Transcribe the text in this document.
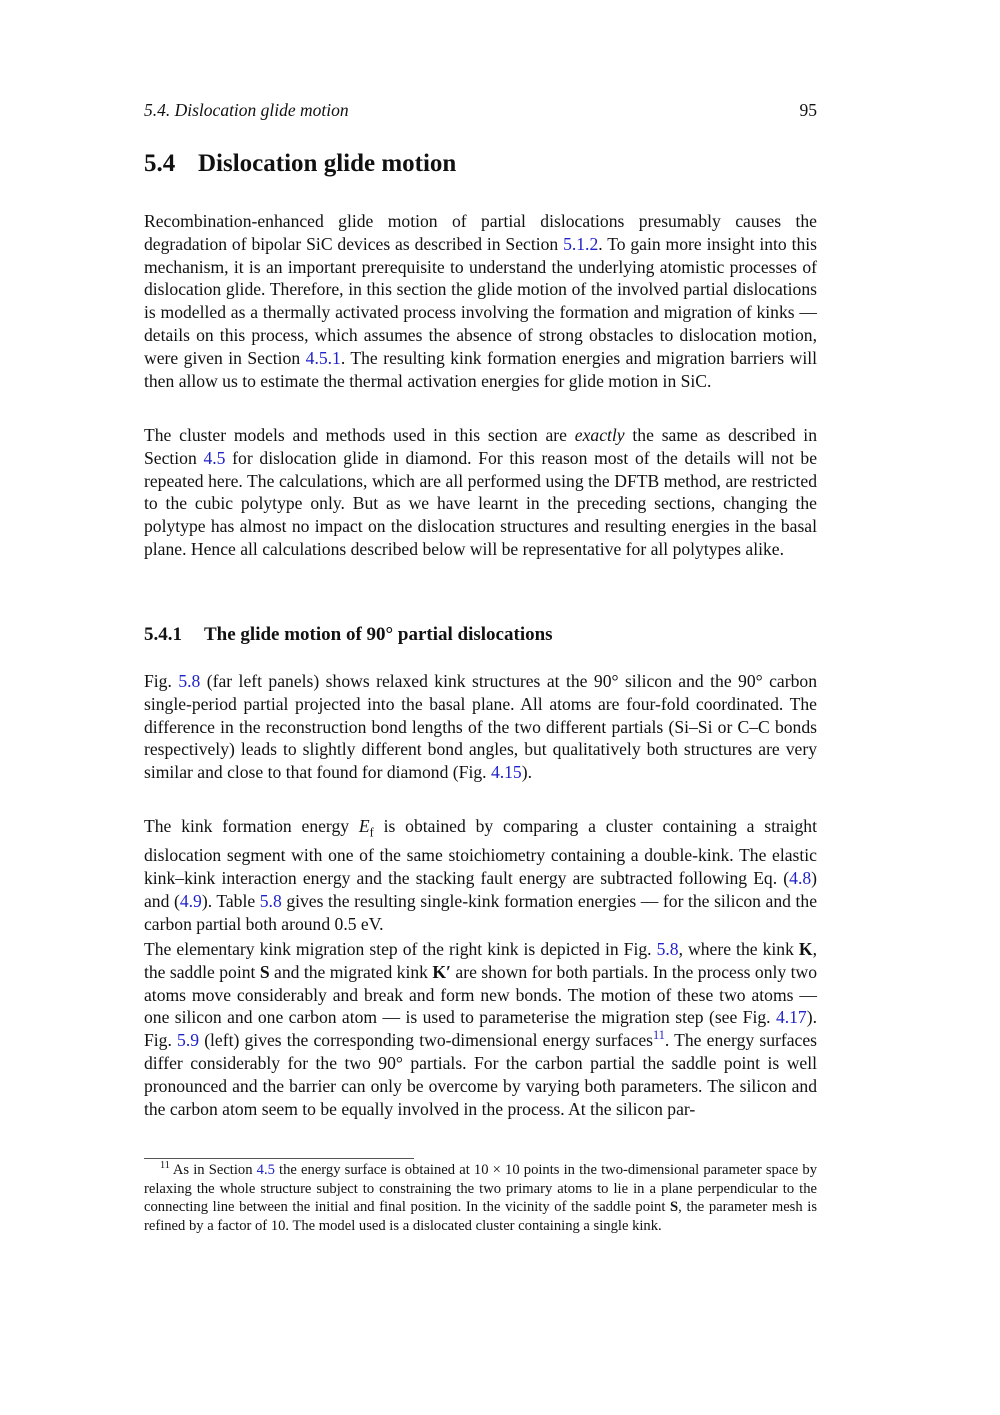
5.4. Dislocation glide motion	95
5.4 Dislocation glide motion

Recombination-enhanced glide motion of partial dislocations presumably causes the degradation of bipolar SiC devices as described in Section 5.1.2. To gain more insight into this mechanism, it is an important prerequisite to understand the underlying atomistic processes of dislocation glide. Therefore, in this section the glide motion of the involved partial dislocations is modelled as a thermally activated process involving the formation and migration of kinks — details on this process, which assumes the absence of strong obstacles to dislocation motion, were given in Section 4.5.1. The resulting kink formation energies and migration barriers will then allow us to estimate the thermal activation energies for glide motion in SiC.

The cluster models and methods used in this section are exactly the same as described in Section 4.5 for dislocation glide in diamond. For this reason most of the details will not be repeated here. The calculations, which are all performed using the DFTB method, are restricted to the cubic polytype only. But as we have learnt in the preceding sections, changing the polytype has almost no impact on the dislocation structures and resulting energies in the basal plane. Hence all calculations described below will be representative for all polytypes alike.

5.4.1 The glide motion of 90° partial dislocations

Fig. 5.8 (far left panels) shows relaxed kink structures at the 90° silicon and the 90° carbon single-period partial projected into the basal plane. All atoms are four-fold coordinated. The difference in the reconstruction bond lengths of the two different partials (Si–Si or C–C bonds respectively) leads to slightly different bond angles, but qualitatively both structures are very similar and close to that found for diamond (Fig. 4.15).

The kink formation energy $E_f$ is obtained by comparing a cluster containing a straight dislocation segment with one of the same stoichiometry containing a double-kink. The elastic kink–kink interaction energy and the stacking fault energy are subtracted following Eq. (4.8) and (4.9). Table 5.8 gives the resulting single-kink formation energies — for the silicon and the carbon partial both around 0.5 eV.

The elementary kink migration step of the right kink is depicted in Fig. 5.8, where the kink K, the saddle point S and the migrated kink K′ are shown for both partials. In the process only two atoms move considerably and break and form new bonds. The motion of these two atoms — one silicon and one carbon atom — is used to parameterise the migration step (see Fig. 4.17). Fig. 5.9 (left) gives the corresponding two-dimensional energy surfaces$^{11}$. The energy surfaces differ considerably for the two 90° partials. For the carbon partial the saddle point is well pronounced and the barrier can only be overcome by varying both parameters. The silicon and the carbon atom seem to be equally involved in the process. At the silicon par-

$^{11}$ As in Section 4.5 the energy surface is obtained at 10 × 10 points in the two-dimensional parameter space by relaxing the whole structure subject to constraining the two primary atoms to lie in a plane perpendicular to the connecting line between the initial and final position. In the vicinity of the saddle point S, the parameter mesh is refined by a factor of 10. The model used is a dislocated cluster containing a single kink.
